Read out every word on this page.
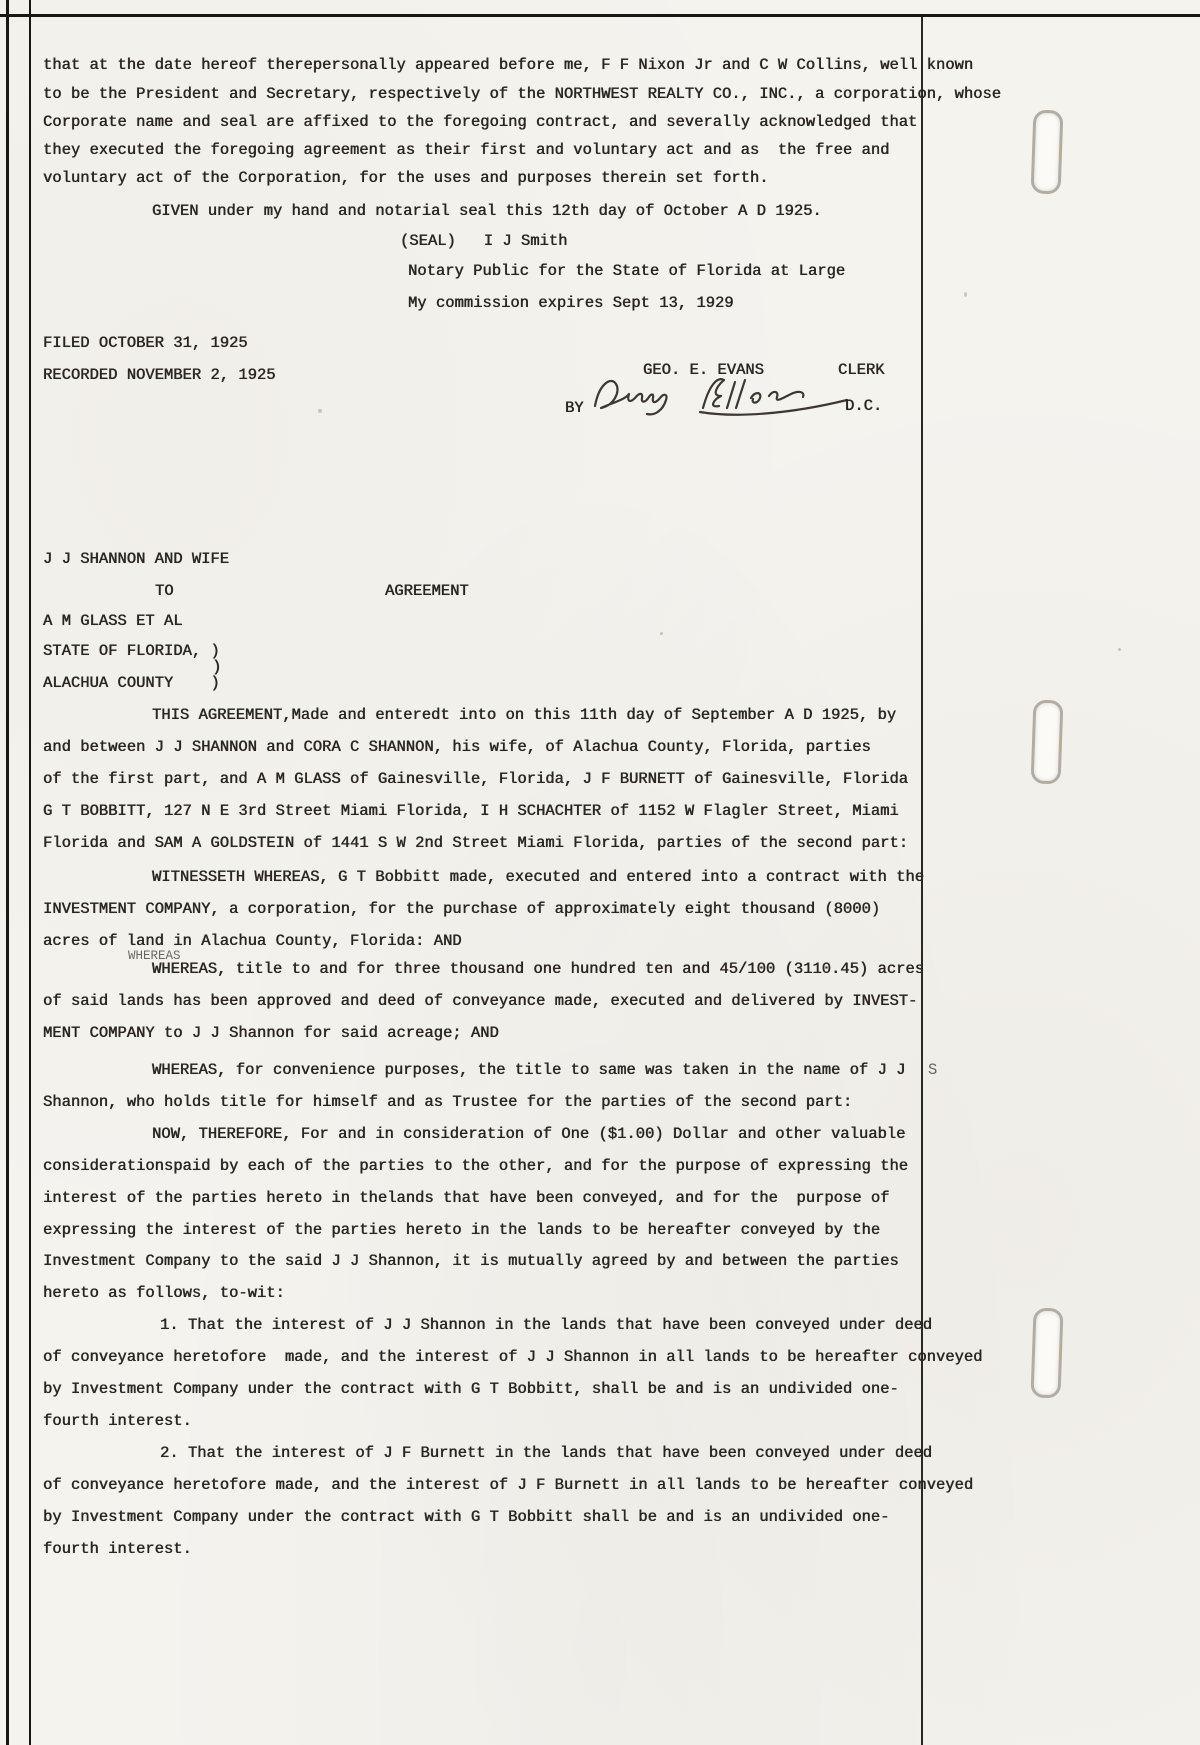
that at the date hereof therepersonally appeared before me, F F Nixon Jr and C W Collins, well known
to be the President and Secretary, respectively of the NORTHWEST REALTY CO., INC., a corporation, whose
Corporate name and seal are affixed to the foregoing contract, and severally acknowledged that
they executed the foregoing agreement as their first and voluntary act and as  the free and
voluntary act of the Corporation, for the uses and purposes therein set forth.
GIVEN under my hand and notarial seal this 12th day of October A D 1925.
(SEAL)   I J Smith
Notary Public for the State of Florida at Large
My commission expires Sept 13, 1929
FILED OCTOBER 31, 1925
RECORDED NOVEMBER 2, 1925	GEO. E. EVANS	CLERK
BY	D.C.
J J SHANNON AND WIFE
TO	AGREEMENT
A M GLASS ET AL
STATE OF FLORIDA, )
)
ALACHUA COUNTY    )
THIS AGREEMENT,Made and enteredt into on this 11th day of September A D 1925, by
and between J J SHANNON and CORA C SHANNON, his wife, of Alachua County, Florida, parties
of the first part, and A M GLASS of Gainesville, Florida, J F BURNETT of Gainesville, Florida
G T BOBBITT, 127 N E 3rd Street Miami Florida, I H SCHACHTER of 1152 W Flagler Street, Miami
Florida and SAM A GOLDSTEIN of 1441 S W 2nd Street Miami Florida, parties of the second part:
WITNESSETH WHEREAS, G T Bobbitt made, executed and entered into a contract with the
INVESTMENT COMPANY, a corporation, for the purchase of approximately eight thousand (8000)
acres of land in Alachua County, Florida: AND
WHEREAS
WHEREAS, title to and for three thousand one hundred ten and 45/100 (3110.45) acres
of said lands has been approved and deed of conveyance made, executed and delivered by INVEST-
MENT COMPANY to J J Shannon for said acreage; AND
WHEREAS, for convenience purposes, the title to same was taken in the name of J J S
Shannon, who holds title for himself and as Trustee for the parties of the second part:
NOW, THEREFORE, For and in consideration of One ($1.00) Dollar and other valuable
considerationspaid by each of the parties to the other, and for the purpose of expressing the
interest of the parties hereto in thelands that have been conveyed, and for the  purpose of
expressing the interest of the parties hereto in the lands to be hereafter conveyed by the
Investment Company to the said J J Shannon, it is mutually agreed by and between the parties
hereto as follows, to-wit:
1. That the interest of J J Shannon in the lands that have been conveyed under deed
of conveyance heretofore  made, and the interest of J J Shannon in all lands to be hereafter conveyed
by Investment Company under the contract with G T Bobbitt, shall be and is an undivided one-
fourth interest.
2. That the interest of J F Burnett in the lands that have been conveyed under deed
of conveyance heretofore made, and the interest of J F Burnett in all lands to be hereafter conveyed
by Investment Company under the contract with G T Bobbitt shall be and is an undivided one-
fourth interest.
